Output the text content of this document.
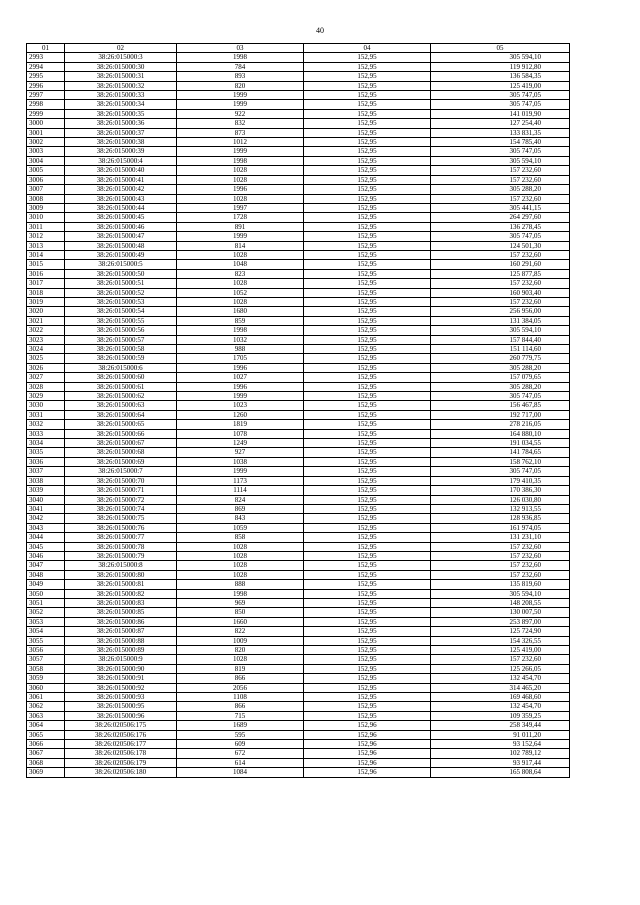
40
01	02	03	04	05
2993	38:26:015000:3	1998	152,95	305 594,10
2994	38:26:015000:30	784	152,95	119 912,80
2995	38:26:015000:31	893	152,95	136 584,35
2996	38:26:015000:32	820	152,95	125 419,00
2997	38:26:015000:33	1999	152,95	305 747,05
2998	38:26:015000:34	1999	152,95	305 747,05
2999	38:26:015000:35	922	152,95	141 019,90
3000	38:26:015000:36	832	152,95	127 254,40
3001	38:26:015000:37	873	152,95	133 831,35
3002	38:26:015000:38	1012	152,95	154 785,40
3003	38:26:015000:39	1999	152,95	305 747,05
3004	38:26:015000:4	1998	152,95	305 594,10
3005	38:26:015000:40	1028	152,95	157 232,60
3006	38:26:015000:41	1028	152,95	157 232,60
3007	38:26:015000:42	1996	152,95	305 288,20
3008	38:26:015000:43	1028	152,95	157 232,60
3009	38:26:015000:44	1997	152,95	305 441,15
3010	38:26:015000:45	1728	152,95	264 297,60
3011	38:26:015000:46	891	152,95	136 278,45
3012	38:26:015000:47	1999	152,95	305 747,05
3013	38:26:015000:48	814	152,95	124 501,30
3014	38:26:015000:49	1028	152,95	157 232,60
3015	38:26:015000:5	1048	152,95	160 291,60
3016	38:26:015000:50	823	152,95	125 877,85
3017	38:26:015000:51	1028	152,95	157 232,60
3018	38:26:015000:52	1052	152,95	160 903,40
3019	38:26:015000:53	1028	152,95	157 232,60
3020	38:26:015000:54	1680	152,95	256 956,00
3021	38:26:015000:55	859	152,95	131 384,05
3022	38:26:015000:56	1998	152,95	305 594,10
3023	38:26:015000:57	1032	152,95	157 844,40
3024	38:26:015000:58	988	152,95	151 114,60
3025	38:26:015000:59	1705	152,95	260 779,75
3026	38:26:015000:6	1996	152,95	305 288,20
3027	38:26:015000:60	1027	152,95	157 079,65
3028	38:26:015000:61	1996	152,95	305 288,20
3029	38:26:015000:62	1999	152,95	305 747,05
3030	38:26:015000:63	1023	152,95	156 467,85
3031	38:26:015000:64	1260	152,95	192 717,00
3032	38:26:015000:65	1819	152,95	278 216,05
3033	38:26:015000:66	1078	152,95	164 880,10
3034	38:26:015000:67	1249	152,95	191 034,55
3035	38:26:015000:68	927	152,95	141 784,65
3036	38:26:015000:69	1038	152,95	158 762,10
3037	38:26:015000:7	1999	152,95	305 747,05
3038	38:26:015000:70	1173	152,95	179 410,35
3039	38:26:015000:71	1114	152,95	170 386,30
3040	38:26:015000:72	824	152,95	126 030,80
3041	38:26:015000:74	869	152,95	132 913,55
3042	38:26:015000:75	843	152,95	128 936,85
3043	38:26:015000:76	1059	152,95	161 974,05
3044	38:26:015000:77	858	152,95	131 231,10
3045	38:26:015000:78	1028	152,95	157 232,60
3046	38:26:015000:79	1028	152,95	157 232,60
3047	38:26:015000:8	1028	152,95	157 232,60
3048	38:26:015000:80	1028	152,95	157 232,60
3049	38:26:015000:81	888	152,95	135 819,60
3050	38:26:015000:82	1998	152,95	305 594,10
3051	38:26:015000:83	969	152,95	148 208,55
3052	38:26:015000:85	850	152,95	130 007,50
3053	38:26:015000:86	1660	152,95	253 897,00
3054	38:26:015000:87	822	152,95	125 724,90
3055	38:26:015000:88	1009	152,95	154 326,55
3056	38:26:015000:89	820	152,95	125 419,00
3057	38:26:015000:9	1028	152,95	157 232,60
3058	38:26:015000:90	819	152,95	125 266,05
3059	38:26:015000:91	866	152,95	132 454,70
3060	38:26:015000:92	2056	152,95	314 465,20
3061	38:26:015000:93	1108	152,95	169 468,60
3062	38:26:015000:95	866	152,95	132 454,70
3063	38:26:015000:96	715	152,95	109 359,25
3064	38:26:020506:175	1689	152,96	258 349,44
3065	38:26:020506:176	595	152,96	91 011,20
3066	38:26:020506:177	609	152,96	93 152,64
3067	38:26:020506:178	672	152,96	102 789,12
3068	38:26:020506:179	614	152,96	93 917,44
3069	38:26:020506:180	1084	152,96	165 808,64
